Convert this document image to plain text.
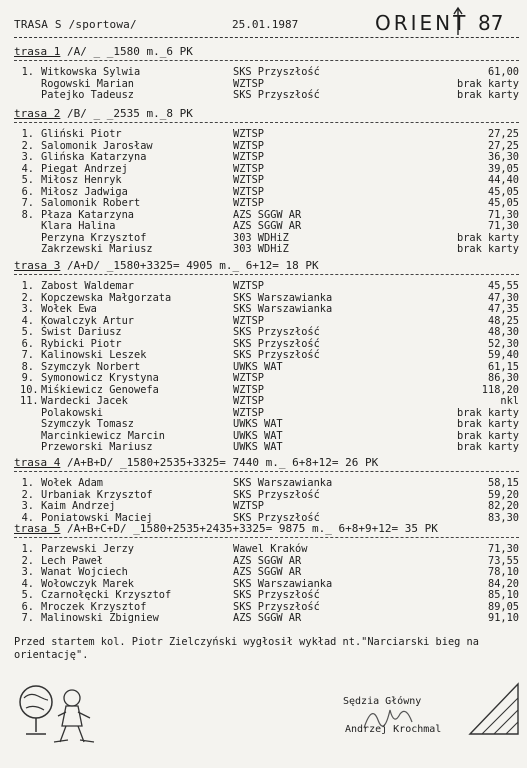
TRASA S /sportowa/	25.01.1987	ORIENT 87
trasa 1 /A/ _ _1580 m._6 PK
1. Witkowska Sylwia	SKS Przyszłość	61,00
Rogowski Marian	WZTSP	brak karty
Patejko Tadeusz	SKS Przyszłość	brak karty
trasa 2 /B/ _ _2535 m._8 PK
1. Gliński Piotr	WZTSP	27,25
2. Salomonik Jarosław	WZTSP	27,25
3. Glińska Katarzyna	WZTSP	36,30
4. Piegat Andrzej	WZTSP	39,05
5. Miłosz Henryk	WZTSP	44,40
6. Miłosz Jadwiga	WZTSP	45,05
7. Salomonik Robert	WZTSP	45,05
8. Płaza Katarzyna	AZS SGGW AR	71,30
Klara Halina	AZS SGGW AR	71,30
Perzyna Krzysztof	303 WDHiZ	brak karty
Zakrzewski Mariusz	303 WDHiZ	brak karty
trasa 3 /A+D/ _1580+3325= 4905 m._ 6+12= 18 PK
1. Zabost Waldemar	WZTSP	45,55
2. Kopczewska Małgorzata	SKS Warszawianka	47,30
3. Wołek Ewa	SKS Warszawianka	47,35
4. Kowalczyk Artur	WZTSP	48,25
5. Świst Dariusz	SKS Przyszłość	48,30
6. Rybicki Piotr	SKS Przyszłość	52,30
7. Kalinowski Leszek	SKS Przyszłość	59,40
8. Szymczyk Norbert	UWKS WAT	61,15
9. Symonowicz Krystyna	WZTSP	86,30
10. Miśkiewicz Genowefa	WZTSP	118,20
11. Wardecki Jacek	WZTSP	nkl
Polakowski	WZTSP	brak karty
Szymczyk Tomasz	UWKS WAT	brak karty
Marcinkiewicz Marcin	UWKS WAT	brak karty
Przeworski Mariusz	UWKS WAT	brak karty
trasa 4 /A+B+D/ _1580+2535+3325= 7440 m._ 6+8+12= 26 PK
1. Wołek Adam	SKS Warszawianka	58,15
2. Urbaniak Krzysztof	SKS Przyszłość	59,20
3. Kaim Andrzej	WZTSP	82,20
4. Poniatowski Maciej	SKS Przyszłość	83,30
trasa 5 /A+B+C+D/ _1580+2535+2435+3325= 9875 m._ 6+8+9+12= 35 PK
1. Parzewski Jerzy	Wawel Kraków	71,30
2. Lech Paweł	AZS SGGW AR	73,55
3. Wanat Wojciech	AZS SGGW AR	78,10
4. Wołowczyk Marek	SKS Warszawianka	84,20
5. Czarnołęcki Krzysztof	SKS Przyszłość	85,10
6. Mroczek Krzysztof	SKS Przyszłość	89,05
7. Malinowski Zbigniew	AZS SGGW AR	91,10
Przed startem kol. Piotr Zielczyński wygłosił wykład nt."Narciarski bieg na orientację".
Sędzia Główny
Andrzej Krochmal
